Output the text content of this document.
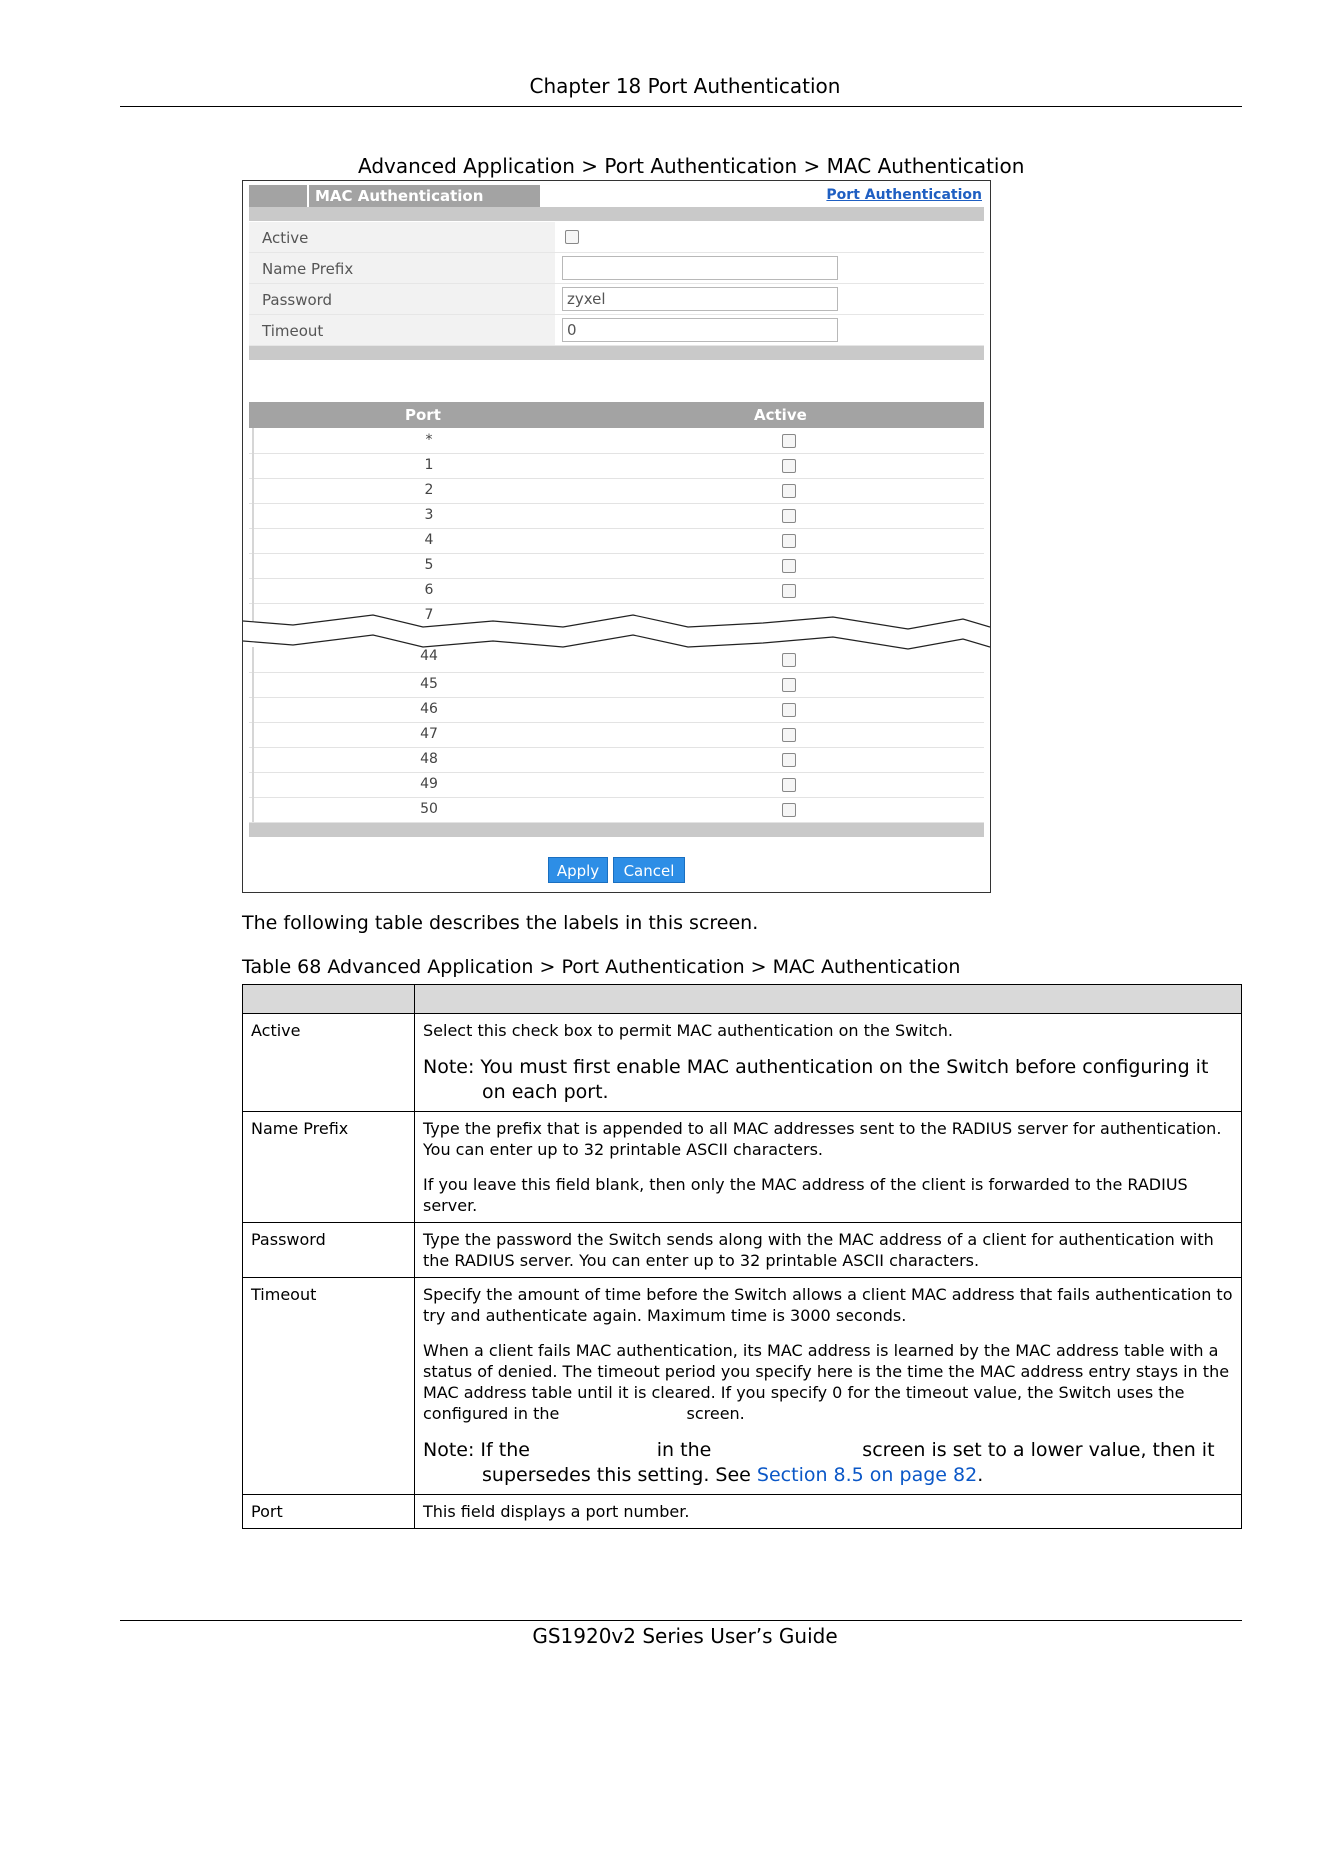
Chapter 18 Port Authentication
Advanced Application > Port Authentication > MAC Authentication
MAC Authentication	Port Authentication
Active
Name Prefix
Password	zyxel
Timeout	0
Port	Active
*
1
2
3
4
5
6
7
44
45
46
47
48
49
50
Apply	Cancel
The following table describes the labels in this screen.
Table 68 Advanced Application > Port Authentication > MAC Authentication

Active	Select this check box to permit MAC authentication on the Switch.
Note: You must first enable MAC authentication on the Switch before configuring it on each port.

Name Prefix	Type the prefix that is appended to all MAC addresses sent to the RADIUS server for authentication. You can enter up to 32 printable ASCII characters.
If you leave this field blank, then only the MAC address of the client is forwarded to the RADIUS server.

Password	Type the password the Switch sends along with the MAC address of a client for authentication with the RADIUS server. You can enter up to 32 printable ASCII characters.

Timeout	Specify the amount of time before the Switch allows a client MAC address that fails authentication to try and authenticate again. Maximum time is 3000 seconds.
When a client fails MAC authentication, its MAC address is learned by the MAC address table with a status of denied. The timeout period you specify here is the time the MAC address entry stays in the MAC address table until it is cleared. If you specify 0 for the timeout value, the Switch uses the                      configured in the                         screen.
Note: If the                     in the                         screen is set to a lower value, then it supersedes this setting. See Section 8.5 on page 82.

Port	This field displays a port number.
GS1920v2 Series User’s Guide
